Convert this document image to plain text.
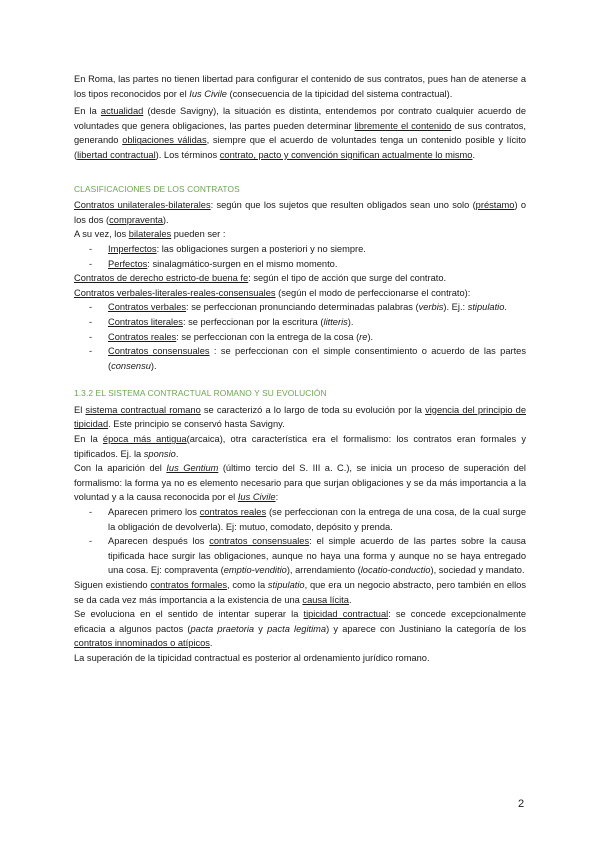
En Roma, las partes no tienen libertad para configurar el contenido de sus contratos, pues han de atenerse a los tipos reconocidos por el Ius Civile (consecuencia de la tipicidad del sistema contractual).

En la actualidad (desde Savigny), la situación es distinta, entendemos por contrato cualquier acuerdo de voluntades que genera obligaciones, las partes pueden determinar libremente el contenido de sus contratos, generando obligaciones válidas, siempre que el acuerdo de voluntades tenga un contenido posible y lícito (libertad contractual). Los términos contrato, pacto y convención significan actualmente lo mismo.

CLASIFICACIONES DE LOS CONTRATOS

Contratos unilaterales-bilaterales: según que los sujetos que resulten obligados sean uno solo (préstamo) o los dos (compraventa).

A su vez, los bilaterales pueden ser :

- Imperfectos: las obligaciones surgen a posteriori y no siempre.
- Perfectos: sinalagmático-surgen en el mismo momento.

Contratos de derecho estricto-de buena fe: según el tipo de acción que surge del contrato.

Contratos verbales-literales-reales-consensuales (según el modo de perfeccionarse el contrato):

- Contratos verbales: se perfeccionan pronunciando determinadas palabras (verbis). Ej.: stipulatio.
- Contratos literales: se perfeccionan por la escritura (litteris).
- Contratos reales: se perfeccionan con la entrega de la cosa (re).
- Contratos consensuales : se perfeccionan con el simple consentimiento o acuerdo de las partes (consensu).
1.3.2 EL SISTEMA CONTRACTUAL ROMANO Y SU EVOLUCIÓN

El sistema contractual romano se caracterizó a lo largo de toda su evolución por la vigencia del principio de tipicidad. Este principio se conservó hasta Savigny.

En la época más antigua(arcaica), otra característica era el formalismo: los contratos eran formales y tipificados. Ej. la sponsio.

Con la aparición del Ius Gentium (último tercio del S. III a. C.), se inicia un proceso de superación del formalismo: la forma ya no es elemento necesario para que surjan obligaciones y se da más importancia a la voluntad y a la causa reconocida por el Ius Civile:

- Aparecen primero los contratos reales (se perfeccionan con la entrega de una cosa, de la cual surge la obligación de devolverla). Ej: mutuo, comodato, depósito y prenda.
- Aparecen después los contratos consensuales: el simple acuerdo de las partes sobre la causa tipificada hace surgir las obligaciones, aunque no haya una forma y aunque no se haya entregado una cosa. Ej: compraventa (emptio-venditio), arrendamiento (locatio-conductio), sociedad y mandato.

Siguen existiendo contratos formales, como la stipulatio, que era un negocio abstracto, pero también en ellos se da cada vez más importancia a la existencia de una causa lícita.

Se evoluciona en el sentido de intentar superar la tipicidad contractual: se concede excepcionalmente eficacia a algunos pactos (pacta praetoria y pacta legitima) y aparece con Justiniano la categoría de los contratos innominados o atípicos.

La superación de la tipicidad contractual es posterior al ordenamiento jurídico romano.

2
